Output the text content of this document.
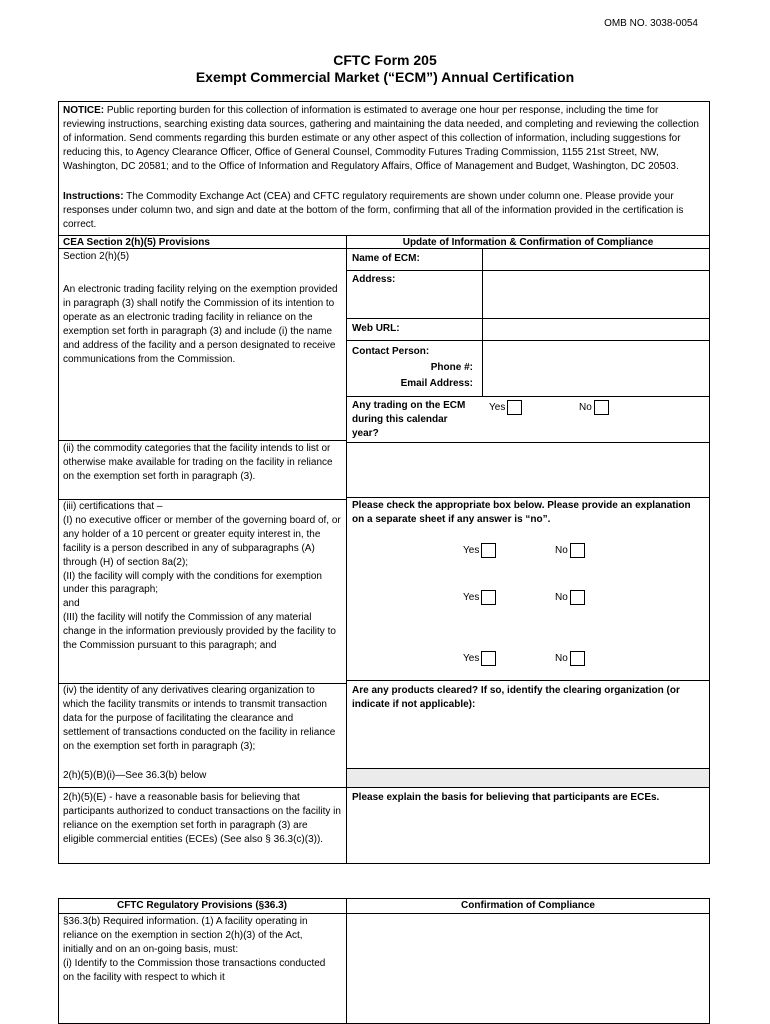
OMB NO. 3038-0054
CFTC Form 205
Exempt Commercial Market (“ECM”) Annual Certification

NOTICE: Public reporting burden for this collection of information is estimated to average one hour per response, including the time for reviewing instructions, searching existing data sources, gathering and maintaining the data needed, and completing and reviewing the collection of information. Send comments regarding this burden estimate or any other aspect of this collection of information, including suggestions for reducing this, to Agency Clearance Officer, Office of General Counsel, Commodity Futures Trading Commission, 1155 21st Street, NW, Washington, DC 20581; and to the Office of Information and Regulatory Affairs, Office of Management and Budget, Washington, DC 20503.

Instructions: The Commodity Exchange Act (CEA) and CFTC regulatory requirements are shown under column one. Please provide your responses under column two, and sign and date at the bottom of the form, confirming that all of the information provided in the certification is correct.

CEA Section 2(h)(5) Provisions	Update of Information & Confirmation of Compliance
Section 2(h)(5)
An electronic trading facility relying on the exemption provided in paragraph (3) shall notify the Commission of its intention to operate as an electronic trading facility in reliance on the exemption set forth in paragraph (3) and include (i) the name and address of the facility and a person designated to receive communications from the Commission.
Name of ECM:
Address:
Web URL:
Contact Person:
Phone #:
Email Address:
Any trading on the ECM during this calendar year?
Yes	No
(ii) the commodity categories that the facility intends to list or otherwise make available for trading on the facility in reliance on the exemption set forth in paragraph (3).
(iii) certifications that –
(I) no executive officer or member of the governing board of, or any holder of a 10 percent or greater equity interest in, the facility is a person described in any of subparagraphs (A) through (H) of section 8a(2);
(II) the facility will comply with the conditions for exemption under this paragraph;
and
(III) the facility will notify the Commission of any material change in the information previously provided by the facility to the Commission pursuant to this paragraph; and
Please check the appropriate box below. Please provide an explanation on a separate sheet if any answer is “no”.
Yes	No
Yes	No
Yes	No
(iv) the identity of any derivatives clearing organization to which the facility transmits or intends to transmit transaction data for the purpose of facilitating the clearance and settlement of transactions conducted on the facility in reliance on the exemption set forth in paragraph (3);
2(h)(5)(B)(i)—See 36.3(b) below
Are any products cleared? If so, identify the clearing organization (or indicate if not applicable):
2(h)(5)(E) - have a reasonable basis for believing that participants authorized to conduct transactions on the facility in reliance on the exemption set forth in paragraph (3) are eligible commercial entities (ECEs) (See also § 36.3(c)(3)).
Please explain the basis for believing that participants are ECEs.
CFTC Regulatory Provisions (§36.3)	Confirmation of Compliance
§36.3(b) Required information. (1) A facility operating in reliance on the exemption in section 2(h)(3) of the Act, initially and on an on-going basis, must:
(i) Identify to the Commission those transactions conducted on the facility with respect to which it
